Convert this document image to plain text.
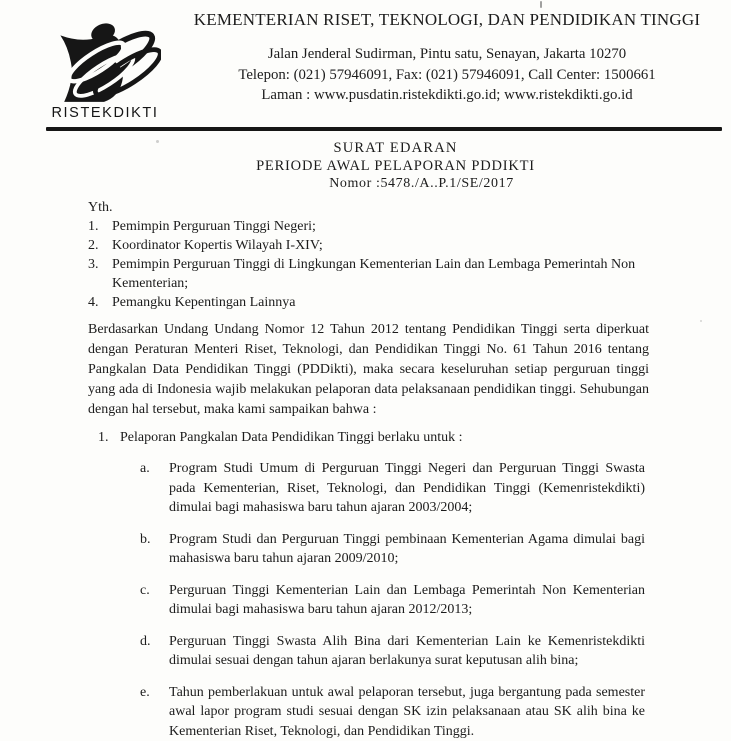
RISTEKDIKTI
KEMENTERIAN RISET, TEKNOLOGI, DAN PENDIDIKAN TINGGI
Jalan Jenderal Sudirman, Pintu satu, Senayan, Jakarta 10270
Telepon: (021) 57946091, Fax: (021) 57946091, Call Center: 1500661
Laman : www.pusdatin.ristekdikti.go.id; www.ristekdikti.go.id
SURAT EDARAN
PERIODE AWAL PELAPORAN PDDIKTI
Nomor :5478./A..P.1/SE/2017
Yth.
1. Pemimpin Perguruan Tinggi Negeri;
2. Koordinator Kopertis Wilayah I-XIV;
3. Pemimpin Perguruan Tinggi di Lingkungan Kementerian Lain dan Lembaga Pemerintah Non Kementerian;
4. Pemangku Kepentingan Lainnya
Berdasarkan Undang Undang Nomor 12 Tahun 2012 tentang Pendidikan Tinggi serta diperkuat dengan Peraturan Menteri Riset, Teknologi, dan Pendidikan Tinggi No. 61 Tahun 2016 tentang Pangkalan Data Pendidikan Tinggi (PDDikti), maka secara keseluruhan setiap perguruan tinggi yang ada di Indonesia wajib melakukan pelaporan data pelaksanaan pendidikan tinggi. Sehubungan dengan hal tersebut, maka kami sampaikan bahwa :
1. Pelaporan Pangkalan Data Pendidikan Tinggi berlaku untuk :
a.	Program Studi Umum di Perguruan Tinggi Negeri dan Perguruan Tinggi Swasta pada Kementerian, Riset, Teknologi, dan Pendidikan Tinggi (Kemenristekdikti) dimulai bagi mahasiswa baru tahun ajaran 2003/2004;
b.	Program Studi dan Perguruan Tinggi pembinaan Kementerian Agama dimulai bagi mahasiswa baru tahun ajaran 2009/2010;
c.	Perguruan Tinggi Kementerian Lain dan Lembaga Pemerintah Non Kementerian dimulai bagi mahasiswa baru tahun ajaran 2012/2013;
d.	Perguruan Tinggi Swasta Alih Bina dari Kementerian Lain ke Kemenristekdikti dimulai sesuai dengan tahun ajaran berlakunya surat keputusan alih bina;
e.	Tahun pemberlakuan untuk awal pelaporan tersebut, juga bergantung pada semester awal lapor program studi sesuai dengan SK izin pelaksanaan atau SK alih bina ke Kementerian Riset, Teknologi, dan Pendidikan Tinggi.
